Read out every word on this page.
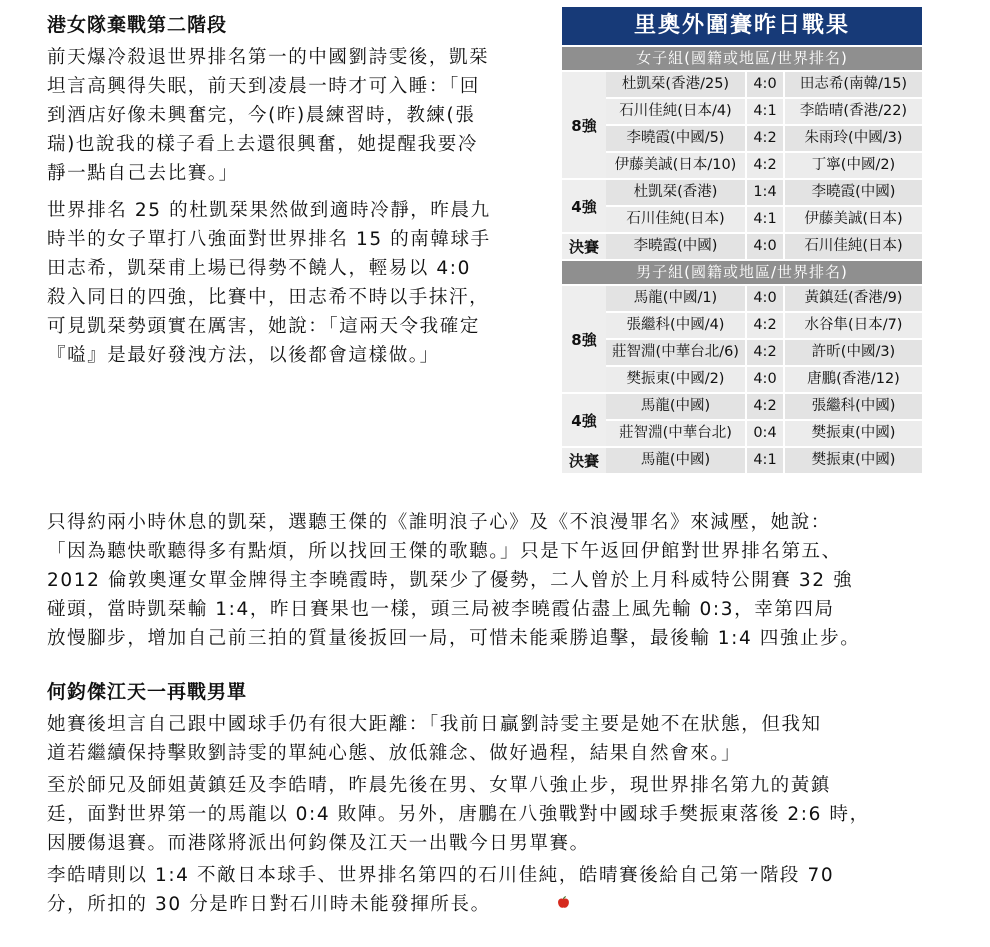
港女隊棄戰第二階段

前天爆冷殺退世界排名第一的中國劉詩雯後，凱栞
坦言高興得失眠，前天到凌晨一時才可入睡：「回
到酒店好像未興奮完，今(昨)晨練習時，教練(張
瑞)也說我的樣子看上去還很興奮，她提醒我要冷
靜一點自己去比賽。」

世界排名 25 的杜凱栞果然做到適時冷靜，昨晨九
時半的女子單打八強面對世界排名 15 的南韓球手
田志希，凱栞甫上場已得勢不饒人，輕易以 4:0
殺入同日的四強，比賽中，田志希不時以手抹汗，
可見凱栞勢頭實在厲害，她說：「這兩天令我確定
『嗌』是最好發洩方法，以後都會這樣做。」

里奧外圍賽昨日戰果
女子組(國籍或地區/世界排名)
8強
杜凱栞(香港/25)	4:0	田志希(南韓/15)
石川佳純(日本/4)	4:1	李皓晴(香港/22)
李曉霞(中國/5)	4:2	朱雨玲(中國/3)
伊藤美誠(日本/10)	4:2	丁寧(中國/2)
4強
杜凱栞(香港)	1:4	李曉霞(中國)
石川佳純(日本)	4:1	伊藤美誠(日本)
決賽	李曉霞(中國)	4:0	石川佳純(日本)
男子組(國籍或地區/世界排名)
8強
馬龍(中國/1)	4:0	黃鎮廷(香港/9)
張繼科(中國/4)	4:2	水谷隼(日本/7)
莊智淵(中華台北/6) 4:2	許昕(中國/3)
樊振東(中國/2)	4:0	唐鵬(香港/12)
4強
馬龍(中國)	4:2	張繼科(中國)
莊智淵(中華台北)	0:4	樊振東(中國)
決賽	馬龍(中國)	4:1	樊振東(中國)

只得約兩小時休息的凱栞，選聽王傑的《誰明浪子心》及《不浪漫罪名》來減壓，她說：
「因為聽快歌聽得多有點煩，所以找回王傑的歌聽。」只是下午返回伊館對世界排名第五、
2012 倫敦奧運女單金牌得主李曉霞時，凱栞少了優勢，二人曾於上月科威特公開賽 32 強
碰頭，當時凱栞輸 1:4，昨日賽果也一樣，頭三局被李曉霞佔盡上風先輸 0:3，幸第四局
放慢腳步，增加自己前三拍的質量後扳回一局，可惜未能乘勝追擊，最後輸 1:4 四強止步。

何鈞傑江天一再戰男單

她賽後坦言自己跟中國球手仍有很大距離：「我前日贏劉詩雯主要是她不在狀態，但我知
道若繼續保持擊敗劉詩雯的單純心態、放低雜念、做好過程，結果自然會來。」

至於師兄及師姐黃鎮廷及李皓晴，昨晨先後在男、女單八強止步，現世界排名第九的黃鎮
廷，面對世界第一的馬龍以 0:4 敗陣。另外，唐鵬在八強戰對中國球手樊振東落後 2:6 時，
因腰傷退賽。而港隊將派出何鈞傑及江天一出戰今日男單賽。

李皓晴則以 1:4 不敵日本球手、世界排名第四的石川佳純，皓晴賽後給自己第一階段 70
分，所扣的 30 分是昨日對石川時未能發揮所長。
